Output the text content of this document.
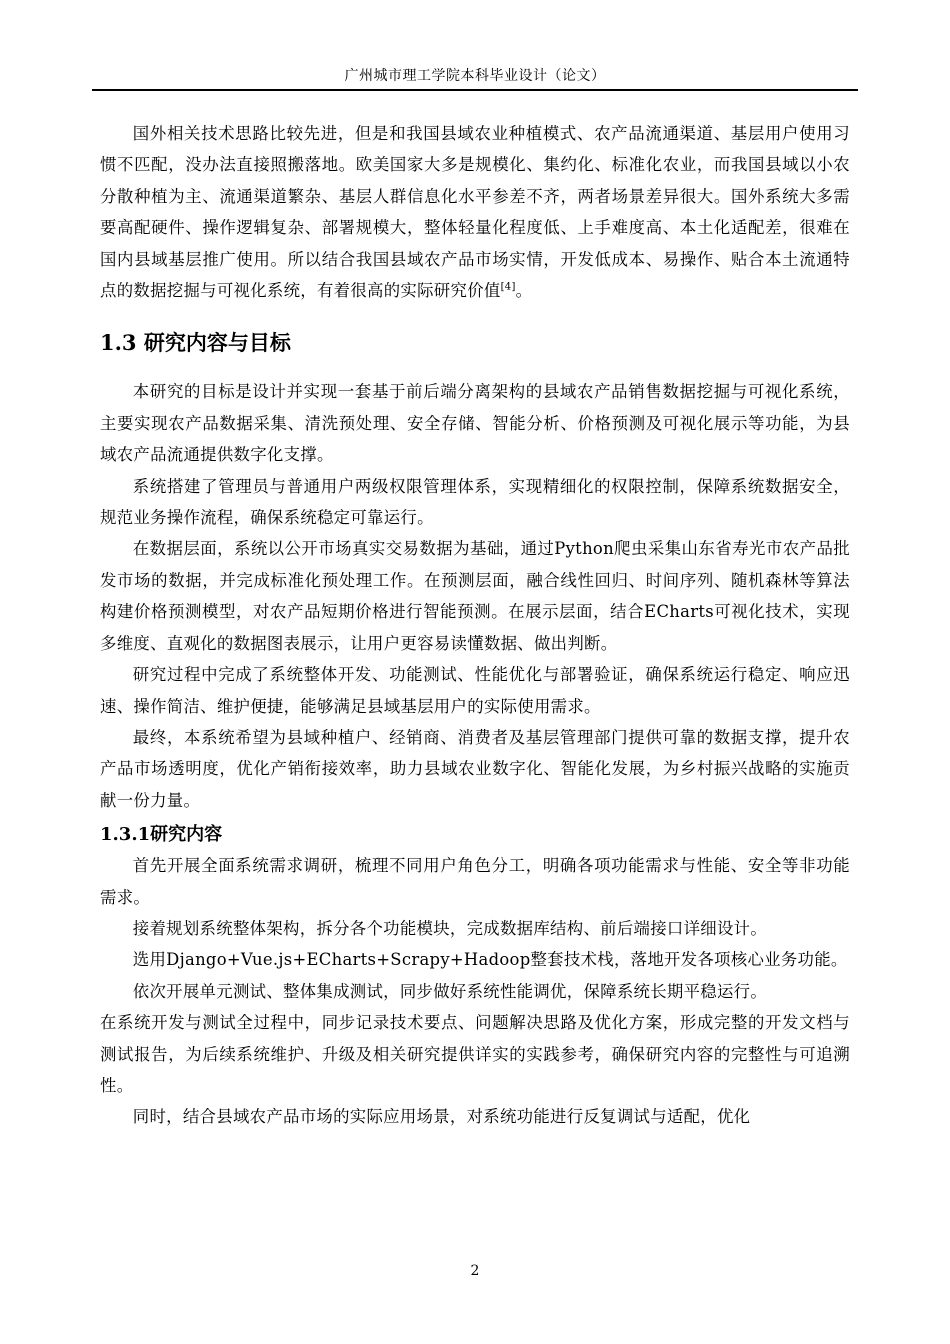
广州城市理工学院本科毕业设计（论文）

国外相关技术思路比较先进，但是和我国县域农业种植模式、农产品流通渠道、基层用户使用习惯不匹配，没办法直接照搬落地。欧美国家大多是规模化、集约化、标准化农业，而我国县域以小农分散种植为主、流通渠道繁杂、基层人群信息化水平参差不齐，两者场景差异很大。国外系统大多需要高配硬件、操作逻辑复杂、部署规模大，整体轻量化程度低、上手难度高、本土化适配差，很难在国内县域基层推广使用。所以结合我国县域农产品市场实情，开发低成本、易操作、贴合本土流通特点的数据挖掘与可视化系统，有着很高的实际研究价值[4]。

1.3 研究内容与目标

本研究的目标是设计并实现一套基于前后端分离架构的县域农产品销售数据挖掘与可视化系统，主要实现农产品数据采集、清洗预处理、安全存储、智能分析、价格预测及可视化展示等功能，为县域农产品流通提供数字化支撑。

系统搭建了管理员与普通用户两级权限管理体系，实现精细化的权限控制，保障系统数据安全，规范业务操作流程，确保系统稳定可靠运行。

在数据层面，系统以公开市场真实交易数据为基础，通过Python爬虫采集山东省寿光市农产品批发市场的数据，并完成标准化预处理工作。在预测层面，融合线性回归、时间序列、随机森林等算法构建价格预测模型，对农产品短期价格进行智能预测。在展示层面，结合ECharts可视化技术，实现多维度、直观化的数据图表展示，让用户更容易读懂数据、做出判断。

研究过程中完成了系统整体开发、功能测试、性能优化与部署验证，确保系统运行稳定、响应迅速、操作简洁、维护便捷，能够满足县域基层用户的实际使用需求。

最终，本系统希望为县域种植户、经销商、消费者及基层管理部门提供可靠的数据支撑，提升农产品市场透明度，优化产销衔接效率，助力县域农业数字化、智能化发展，为乡村振兴战略的实施贡献一份力量。

1.3.1研究内容

首先开展全面系统需求调研，梳理不同用户角色分工，明确各项功能需求与性能、安全等非功能需求。

接着规划系统整体架构，拆分各个功能模块，完成数据库结构、前后端接口详细设计。

选用Django+Vue.js+ECharts+Scrapy+Hadoop整套技术栈，落地开发各项核心业务功能。

依次开展单元测试、整体集成测试，同步做好系统性能调优，保障系统长期平稳运行。

在系统开发与测试全过程中，同步记录技术要点、问题解决思路及优化方案，形成完整的开发文档与测试报告，为后续系统维护、升级及相关研究提供详实的实践参考，确保研究内容的完整性与可追溯性。

同时，结合县域农产品市场的实际应用场景，对系统功能进行反复调试与适配，优化

2
